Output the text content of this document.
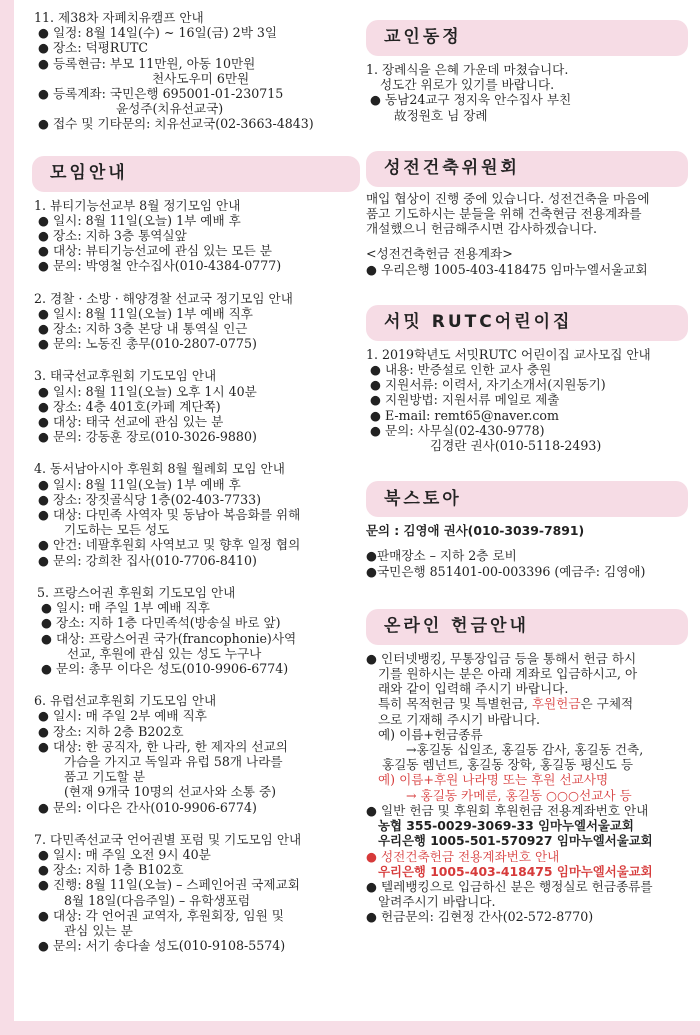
11. 제38차 자폐치유캠프 안내
● 일정: 8월 14일(수) ~ 16일(금) 2박 3일
● 장소: 덕평RUTC
● 등록현금: 부모 11만원, 아동 10만원
천사도우미 6만원
● 등록계좌: 국민은행 695001-01-230715
윤성주(치유선교국)
● 접수 및 기타문의: 치유선교국(02-3663-4843)
모임안내
1. 뷰티기능선교부 8월 정기모임 안내
● 일시: 8월 11일(오늘) 1부 예배 후
● 장소: 지하 3층 통역실앞
● 대상: 뷰티기능선교에 관심 있는 모든 분
● 문의: 박영철 안수집사(010-4384-0777)
2. 경찰 · 소방 · 해양경찰 선교국 정기모임 안내
● 일시: 8월 11일(오늘) 1부 예배 직후
● 장소: 지하 3층 본당 내 통역실 인근
● 문의: 노동진 총무(010-2807-0775)
3. 태국선교후원회 기도모임 안내
● 일시: 8월 11일(오늘) 오후 1시 40분
● 장소: 4층 401호(카페 계단쪽)
● 대상: 태국 선교에 관심 있는 분
● 문의: 강동훈 장로(010-3026-9880)
4. 동서남아시아 후원회 8월 월례회 모임 안내
● 일시: 8월 11일(오늘) 1부 예배 후
● 장소: 장짓골식당 1층(02-403-7733)
● 대상: 다민족 사역자 및 동남아 복음화를 위해
기도하는 모든 성도
● 안건: 네팔후원회 사역보고 및 향후 일정 협의
● 문의: 강희찬 집사(010-7706-8410)
5. 프랑스어권 후원회 기도모임 안내
● 일시: 매 주일 1부 예배 직후
● 장소: 지하 1층 다민족석(방송실 바로 앞)
● 대상: 프랑스어권 국가(francophonie)사역
선교, 후원에 관심 있는 성도 누구나
● 문의: 총무 이다은 성도(010-9906-6774)
6. 유럽선교후원회 기도모임 안내
● 일시: 매 주일 2부 예배 직후
● 장소: 지하 2층 B202호
● 대상: 한 공직자, 한 나라, 한 제자의 선교의
가슴을 가지고 독일과 유럽 58개 나라를
품고 기도할 분
(현재 9개국 10명의 선교사와 소통 중)
● 문의: 이다은 간사(010-9906-6774)
7. 다민족선교국 언어권별 포럼 및 기도모임 안내
● 일시: 매 주일 오전 9시 40분
● 장소: 지하 1층 B102호
● 진행: 8월 11일(오늘) – 스페인어권 국제교회
8월 18일(다음주일) – 유학생포럼
● 대상: 각 언어권 교역자, 후원회장, 임원 및
관심 있는 분
● 문의: 서기 송다솔 성도(010-9108-5574)
교인동정
1. 장례식을 은혜 가운데 마쳤습니다.
성도간 위로가 있기를 바랍니다.
● 동남24교구 정지욱 안수집사 부친
故정원호 님 장례
성전건축위원회
매입 협상이 진행 중에 있습니다. 성전건축을 마음에
품고 기도하시는 분들을 위해 건축현금 전용계좌를
개설했으니 헌금해주시면 감사하겠습니다.
<성전건축헌금 전용계좌>
● 우리은행 1005-403-418475 임마누엘서울교회
서밋 RUTC어린이집
1. 2019학년도 서밋RUTC 어린이집 교사모집 안내
● 내용: 반증설로 인한 교사 충원
● 지원서류: 이력서, 자기소개서(지원동기)
● 지원방법: 지원서류 메일로 제출
● E-mail: remt65@naver.com
● 문의: 사무실(02-430-9778)
김경란 권사(010-5118-2493)
북스토아
문의 : 김영애 권사(010-3039-7891)
●판매장소 – 지하 2층 로비
●국민은행 851401-00-003396 (예금주: 김영애)
온라인 헌금안내
● 인터넷뱅킹, 무통장입금 등을 통해서 헌금 하시
기를 원하시는 분은 아래 계좌로 입금하시고, 아
래와 같이 입력해 주시기 바랍니다.
특히 목적헌금 및 특별헌금, 후원헌금은 구체적
으로 기재해 주시기 바랍니다.
예) 이름+헌금종류
→홍길동 십일조, 홍길동 감사, 홍길동 건축,
홍길동 렘넌트, 홍길동 장학, 홍길동 평신도 등
예) 이름+후원 나라명 또는 후원 선교사명
→ 홍길동 카메룬, 홍길동 ○○○선교사 등
● 일반 헌금 및 후원회 후원헌금 전용계좌번호 안내
농협 355-0029-3069-33 임마누엘서울교회
우리은행 1005-501-570927 임마누엘서울교회
● 성전건축헌금 전용계좌번호 안내
우리은행 1005-403-418475 임마누엘서울교회
● 텔레뱅킹으로 입금하신 분은 행정실로 헌금종류를
알려주시기 바랍니다.
● 헌금문의: 김현정 간사(02-572-8770)
